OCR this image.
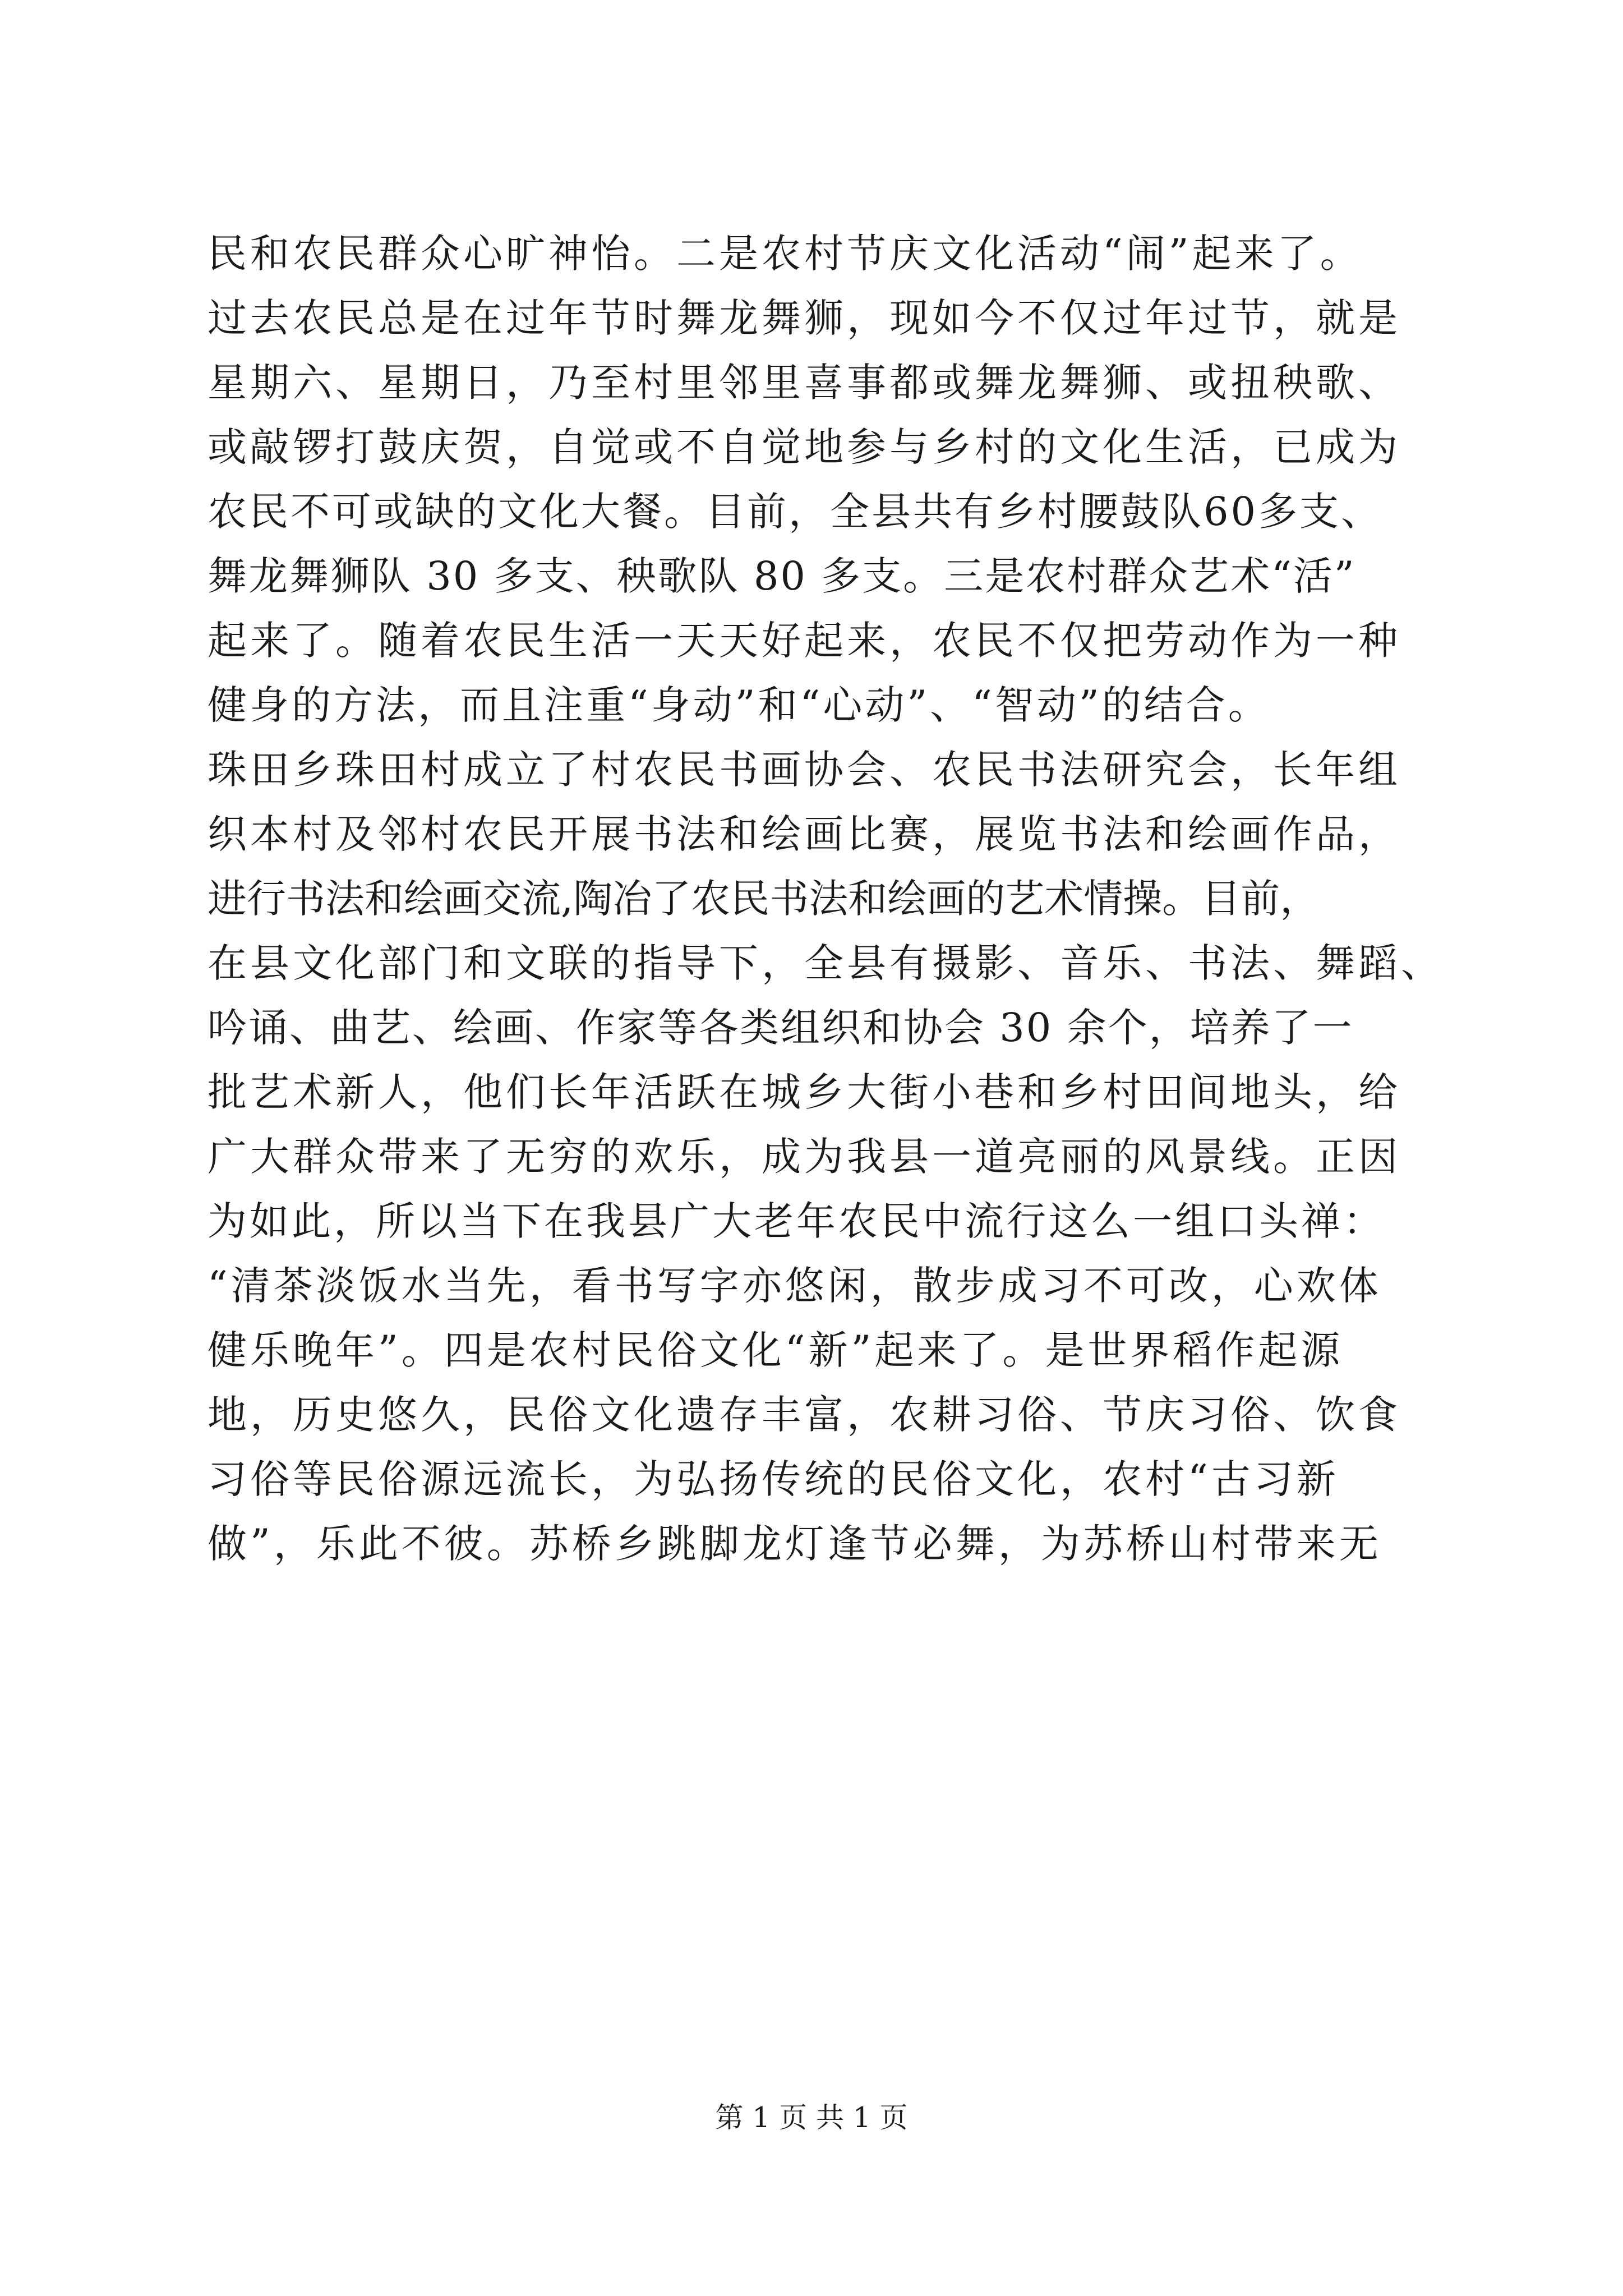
民和农民群众心旷神怡。二是农村节庆文化活动“闹”起来了。
过去农民总是在过年节时舞龙舞狮，现如今不仅过年过节，就是
星期六、星期日，乃至村里邻里喜事都或舞龙舞狮、或扭秧歌、
或敲锣打鼓庆贺，自觉或不自觉地参与乡村的文化生活，已成为
农民不可或缺的文化大餐。目前，全县共有乡村腰鼓队60多支、
舞龙舞狮队 30 多支、秧歌队 80 多支。三是农村群众艺术“活”
起来了。随着农民生活一天天好起来，农民不仅把劳动作为一种
健身的方法，而且注重“身动”和“心动”、“智动”的结合。
珠田乡珠田村成立了村农民书画协会、农民书法研究会，长年组
织本村及邻村农民开展书法和绘画比赛，展览书法和绘画作品，
进行书法和绘画交流,陶冶了农民书法和绘画的艺术情操。目前，
在县文化部门和文联的指导下，全县有摄影、音乐、书法、舞蹈、
吟诵、曲艺、绘画、作家等各类组织和协会 30 余个，培养了一
批艺术新人，他们长年活跃在城乡大街小巷和乡村田间地头，给
广大群众带来了无穷的欢乐，成为我县一道亮丽的风景线。正因
为如此，所以当下在我县广大老年农民中流行这么一组口头禅：
“清茶淡饭水当先，看书写字亦悠闲，散步成习不可改，心欢体
健乐晚年”。四是农村民俗文化“新”起来了。是世界稻作起源
地，历史悠久，民俗文化遗存丰富，农耕习俗、节庆习俗、饮食
习俗等民俗源远流长，为弘扬传统的民俗文化，农村“古习新
做”，乐此不彼。苏桥乡跳脚龙灯逢节必舞，为苏桥山村带来无
第 1 页 共 1 页
